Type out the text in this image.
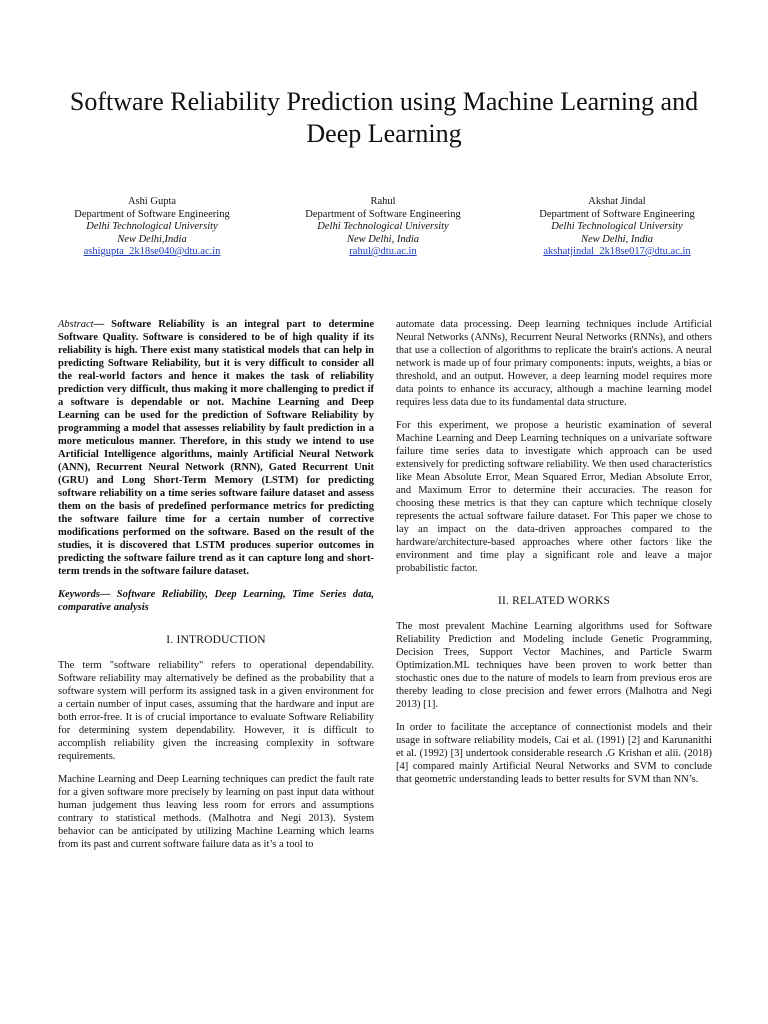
Software Reliability Prediction using Machine Learning and Deep Learning
Ashi Gupta
Department of Software Engineering
Delhi Technological University
New Delhi,India
ashigupta_2k18se040@dtu.ac.in
Rahul
Department of Software Engineering
Delhi Technological University
New Delhi, India
rahul@dtu.ac.in
Akshat Jindal
Department of Software Engineering
Delhi Technological University
New Delhi, India
akshatjindal_2k18se017@dtu.ac.in

Abstract— Software Reliability is an integral part to determine Software Quality. Software is considered to be of high quality if its reliability is high. There exist many statistical models that can help in predicting Software Reliability, but it is very difficult to consider all the real-world factors and hence it makes the task of reliability prediction very difficult, thus making it more challenging to predict if a software is dependable or not. Machine Learning and Deep Learning can be used for the prediction of Software Reliability by programming a model that assesses reliability by fault prediction in a more meticulous manner. Therefore, in this study we intend to use Artificial Intelligence algorithms, mainly Artificial Neural Network (ANN), Recurrent Neural Network (RNN), Gated Recurrent Unit (GRU) and Long Short-Term Memory (LSTM) for predicting software reliability on a time series software failure dataset and assess them on the basis of predefined performance metrics for predicting the software failure time for a certain number of corrective modifications performed on the software. Based on the result of the studies, it is discovered that LSTM produces superior outcomes in predicting the software failure trend as it can capture long and short-term trends in the software failure dataset.

Keywords— Software Reliability, Deep Learning, Time Series data, comparative analysis

I. INTRODUCTION

The term "software reliability" refers to operational dependability. Software reliability may alternatively be defined as the probability that a software system will perform its assigned task in a given environment for a certain number of input cases, assuming that the hardware and input are both error-free. It is of crucial importance to evaluate Software Reliability for determining system dependability. However, it is difficult to accomplish reliability given the increasing complexity in software requirements.

Machine Learning and Deep Learning techniques can predict the fault rate for a given software more precisely by learning on past input data without human judgement thus leaving less room for errors and assumptions contrary to statistical methods. (Malhotra and Negi 2013). System behavior can be anticipated by utilizing Machine Learning which learns from its past and current software failure data as it’s a tool to

automate data processing. Deep learning techniques include Artificial Neural Networks (ANNs), Recurrent Neural Networks (RNNs), and others that use a collection of algorithms to replicate the brain's actions. A neural network is made up of four primary components: inputs, weights, a bias or threshold, and an output. However, a deep learning model requires more data points to enhance its accuracy, although a machine learning model requires less data due to its fundamental data structure.

For this experiment, we propose a heuristic examination of several Machine Learning and Deep Learning techniques on a univariate software failure time series data to investigate which approach can be used extensively for predicting software reliability. We then used characteristics like Mean Absolute Error, Mean Squared Error, Median Absolute Error, and Maximum Error to determine their accuracies. The reason for choosing these metrics is that they can capture which technique closely represents the actual software failure dataset. For This paper we chose to lay an impact on the data-driven approaches compared to the hardware/architecture-based approaches where other factors like the environment and time play a significant role and leave a major probabilistic factor.

II. RELATED WORKS

The most prevalent Machine Learning algorithms used for Software Reliability Prediction and Modeling include Genetic Programming, Decision Trees, Support Vector Machines, and Particle Swarm Optimization.ML techniques have been proven to work better than stochastic ones due to the nature of models to learn from previous eros are thereby leading to close precision and fewer errors (Malhotra and Negi 2013) [1].

In order to facilitate the acceptance of connectionist models and their usage in software reliability models, Cai et al. (1991) [2] and Karunanithi et al. (1992) [3] undertook considerable research .G Krishan et alii. (2018) [4] compared mainly Artificial Neural Networks and SVM to conclude that geometric understanding leads to better results for SVM than NN’s.
